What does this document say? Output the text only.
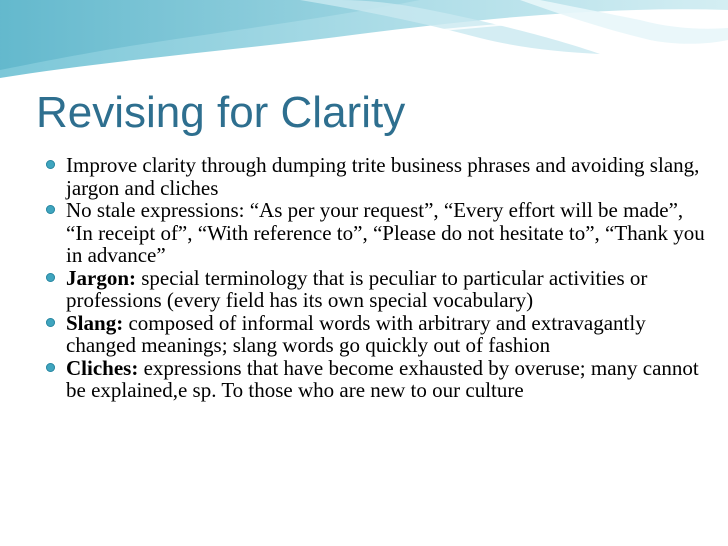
Revising for Clarity
Improve clarity through dumping trite business phrases and avoiding slang, jargon and cliches
No stale expressions: “As per your request”, “Every effort will be made”, “In receipt of”, “With reference to”, “Please do not hesitate to”, “Thank you in advance”
Jargon: special terminology that is peculiar to particular activities or professions (every field has its own special vocabulary)
Slang: composed of informal words with arbitrary and extravagantly changed meanings; slang words go quickly out of fashion
Cliches: expressions that have become exhausted by overuse; many cannot be explained,e sp. To those who are new to our culture
